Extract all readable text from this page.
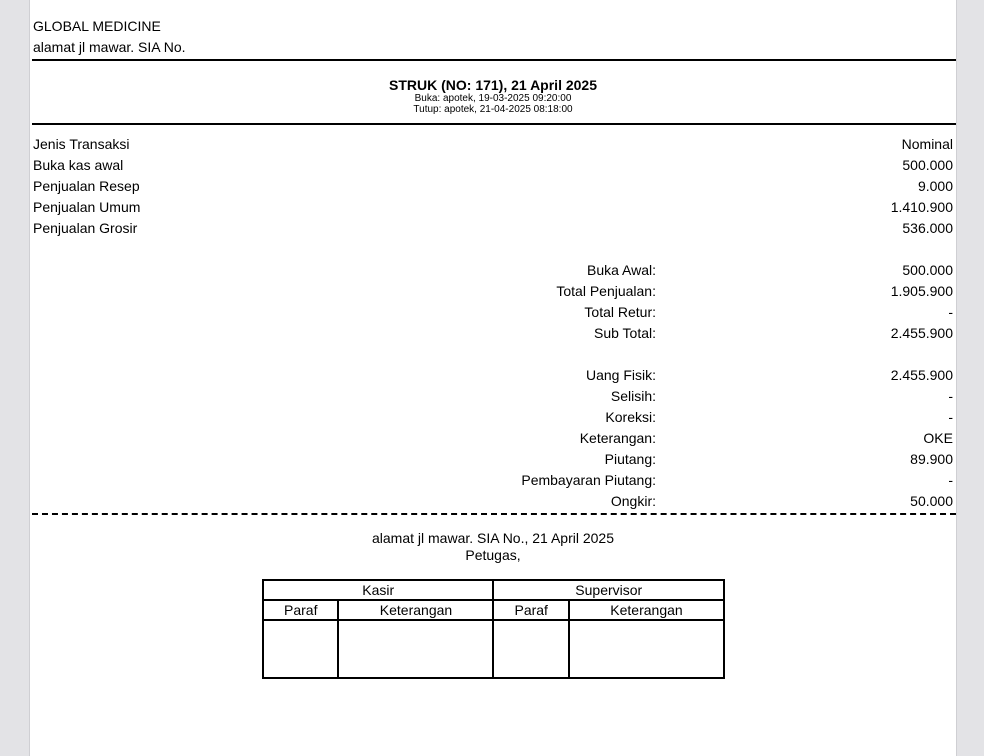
GLOBAL MEDICINE
alamat jl mawar. SIA No.
STRUK (NO: 171), 21 April 2025
Buka: apotek, 19-03-2025 09:20:00
Tutup: apotek, 21-04-2025 08:18:00
Jenis Transaksi	Nominal
Buka kas awal	500.000
Penjualan Resep	9.000
Penjualan Umum	1.410.900
Penjualan Grosir	536.000
Buka Awal:	500.000
Total Penjualan:	1.905.900
Total Retur:	-
Sub Total:	2.455.900
Uang Fisik:	2.455.900
Selisih:	-
Koreksi:	-
Keterangan:	OKE
Piutang:	89.900
Pembayaran Piutang:	-
Ongkir:	50.000
alamat jl mawar. SIA No., 21 April 2025
Petugas,
Kasir		Supervisor	
Paraf	Keterangan	Paraf	Keterangan
